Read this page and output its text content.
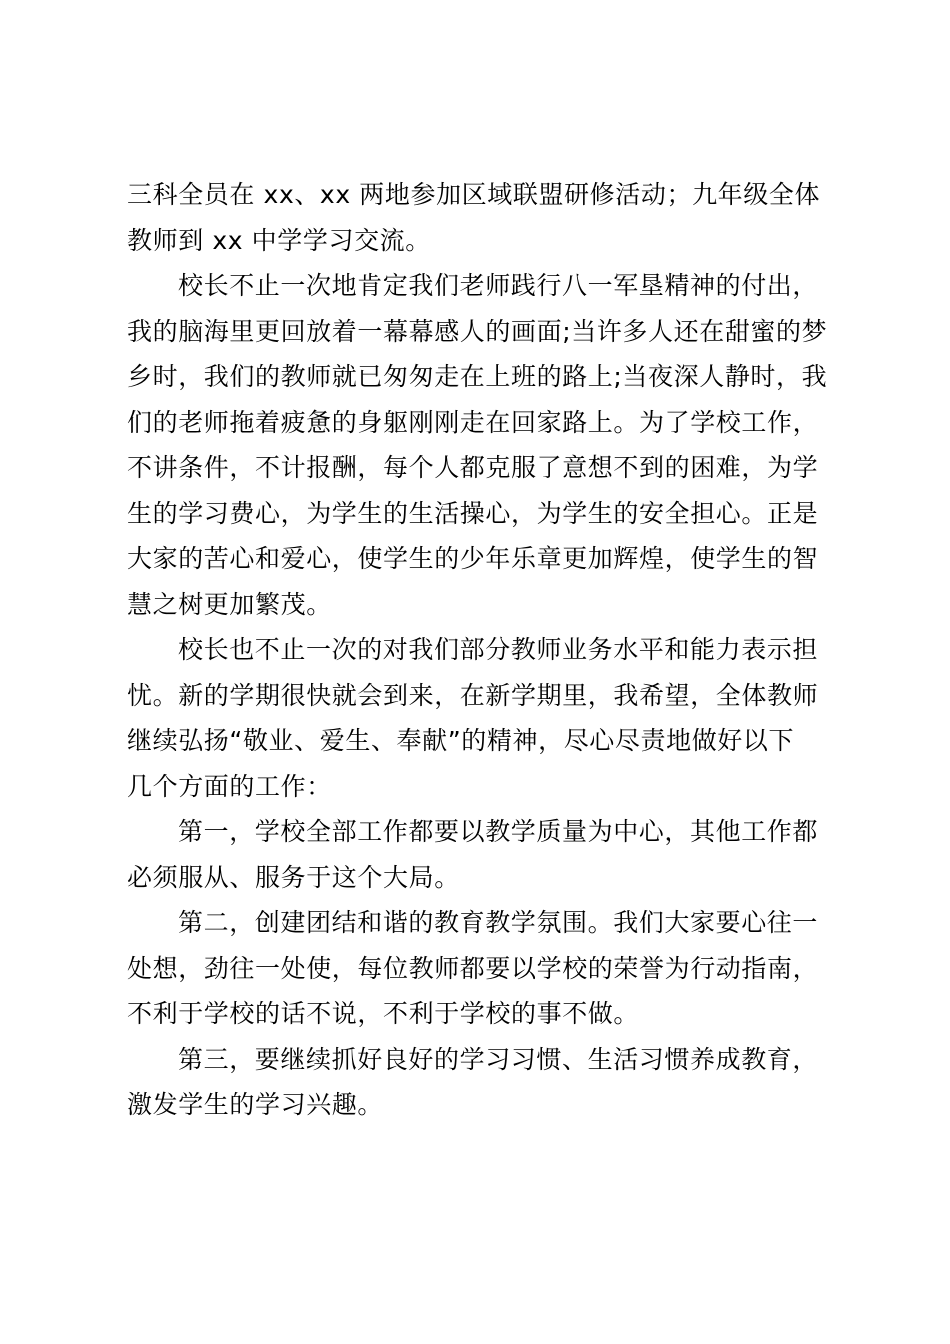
三科全员在 xx、xx 两地参加区域联盟研修活动；九年级全体
教师到 xx 中学学习交流。
校长不止一次地肯定我们老师践行八一军垦精神的付出，
我的脑海里更回放着一幕幕感人的画面;当许多人还在甜蜜的梦
乡时，我们的教师就已匆匆走在上班的路上;当夜深人静时，我
们的老师拖着疲惫的身躯刚刚走在回家路上。为了学校工作，
不讲条件，不计报酬，每个人都克服了意想不到的困难，为学
生的学习费心，为学生的生活操心，为学生的安全担心。正是
大家的苦心和爱心，使学生的少年乐章更加辉煌，使学生的智
慧之树更加繁茂。
校长也不止一次的对我们部分教师业务水平和能力表示担
忧。新的学期很快就会到来，在新学期里，我希望，全体教师
继续弘扬“敬业、爱生、奉献”的精神，尽心尽责地做好以下
几个方面的工作：
第一，学校全部工作都要以教学质量为中心，其他工作都
必须服从、服务于这个大局。
第二，创建团结和谐的教育教学氛围。我们大家要心往一
处想，劲往一处使，每位教师都要以学校的荣誉为行动指南，
不利于学校的话不说，不利于学校的事不做。
第三，要继续抓好良好的学习习惯、生活习惯养成教育，
激发学生的学习兴趣。
